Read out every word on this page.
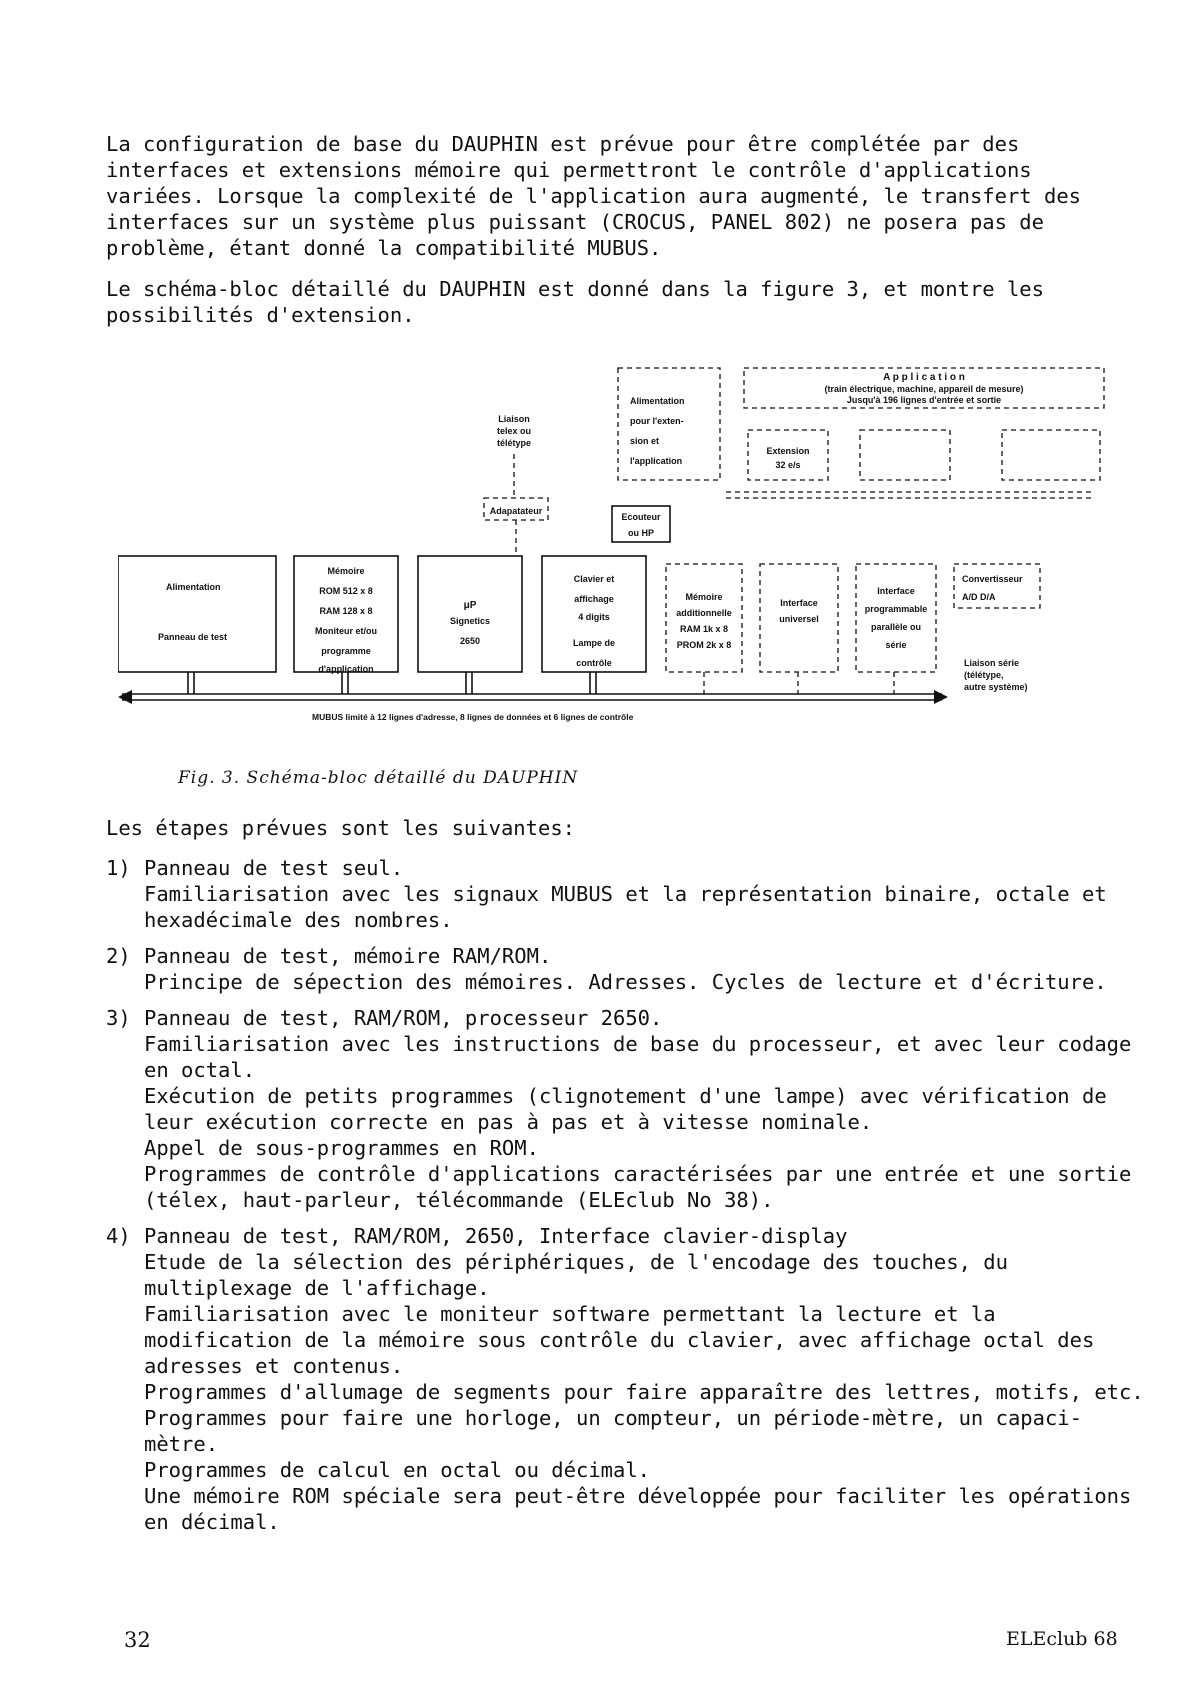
La configuration de base du DAUPHIN est prévue pour être complétée par des interfaces et extensions mémoire qui permettront le contrôle d'applications variées. Lorsque la complexité de l'application aura augmenté, le transfert des interfaces sur un système plus puissant (CROCUS, PANEL 802) ne posera pas de problème, étant donné la compatibilité MUBUS.

Le schéma-bloc détaillé du DAUPHIN est donné dans la figure 3, et montre les possibilités d'extension.

A p p l i c a t i o n
(train électrique, machine, appareil de mesure)
Jusqu'à 196 lignes d'entrée et sortie
Alimentation
pour l'exten-
sion et
l'application
Extension
32 e/s
Liaison
telex ou
télétype
Adapatateur
Ecouteur
ou HP
Alimentation
Panneau de test
Mémoire
ROM 512 x 8
RAM 128 x 8
Moniteur et/ou
programme
d'application
μP
Signetics
2650
Clavier et
affichage
4 digits
Lampe de
contrôle
Mémoire
additionnelle
RAM 1k x 8
PROM 2k x 8
Interface
universel
Interface
programmable
parallèle ou
série
Convertisseur
A/D D/A
Liaison série
(télétype,
autre système)
MUBUS limité à 12 lignes d'adresse, 8 lignes de données et 6 lignes de contrôle
Fig. 3. Schéma-bloc détaillé du DAUPHIN
Les étapes prévues sont les suivantes:
1) Panneau de test seul.
Familiarisation avec les signaux MUBUS et la représentation binaire, octale et hexadécimale des nombres.
2) Panneau de test, mémoire RAM/ROM.
Principe de sépection des mémoires. Adresses. Cycles de lecture et d'écriture.
3) Panneau de test, RAM/ROM, processeur 2650.
Familiarisation avec les instructions de base du processeur, et avec leur codage en octal.
Exécution de petits programmes (clignotement d'une lampe) avec vérification de leur exécution correcte en pas à pas et à vitesse nominale.
Appel de sous-programmes en ROM.
Programmes de contrôle d'applications caractérisées par une entrée et une sortie (télex, haut-parleur, télécommande (ELEclub No 38).
4) Panneau de test, RAM/ROM, 2650, Interface clavier-display
Etude de la sélection des périphériques, de l'encodage des touches, du multiplexage de l'affichage.
Familiarisation avec le moniteur software permettant la lecture et la modification de la mémoire sous contrôle du clavier, avec affichage octal des adresses et contenus.
Programmes d'allumage de segments pour faire apparaître des lettres, motifs, etc.
Programmes pour faire une horloge, un compteur, un période-mètre, un capaci-mètre.
Programmes de calcul en octal ou décimal.
Une mémoire ROM spéciale sera peut-être développée pour faciliter les opérations en décimal.
32	ELEclub 68
